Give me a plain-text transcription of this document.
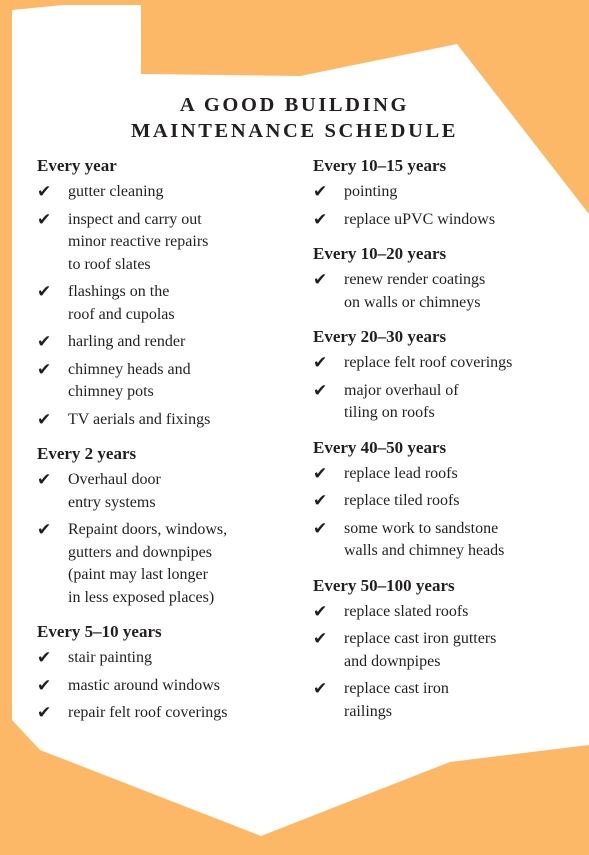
A GOOD BUILDING
MAINTENANCE SCHEDULE
Every year
✔ gutter cleaning
✔ inspect and carry out
minor reactive repairs
to roof slates
✔ flashings on the
roof and cupolas
✔ harling and render
✔ chimney heads and
chimney pots
✔ TV aerials and fixings
Every 2 years
✔ Overhaul door
entry systems
✔ Repaint doors, windows,
gutters and downpipes
(paint may last longer
in less exposed places)
Every 5–10 years
✔ stair painting
✔ mastic around windows
✔ repair felt roof coverings
Every 10–15 years
✔ pointing
✔ replace uPVC windows
Every 10–20 years
✔ renew render coatings
on walls or chimneys
Every 20–30 years
✔ replace felt roof coverings
✔ major overhaul of
tiling on roofs
Every 40–50 years
✔ replace lead roofs
✔ replace tiled roofs
✔ some work to sandstone
walls and chimney heads
Every 50–100 years
✔ replace slated roofs
✔ replace cast iron gutters
and downpipes
✔ replace cast iron
railings
